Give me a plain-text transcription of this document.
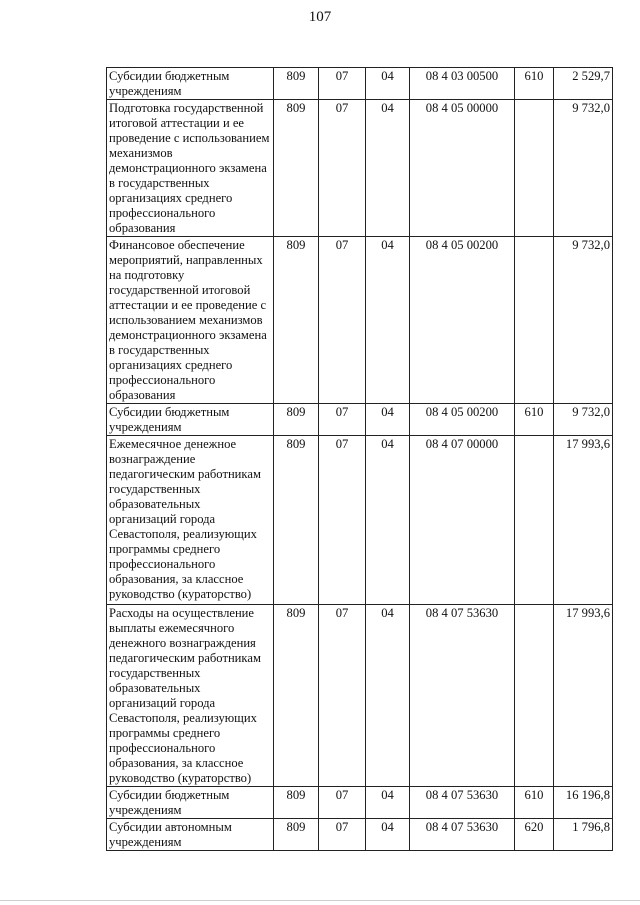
107
Субсидии бюджетным учреждениям	809	07	04	08 4 03 00500	610	2 529,7
Подготовка государственной итоговой аттестации и ее проведение с использованием механизмов демонстрационного экзамена в государственных организациях среднего профессионального образования	809	07	04	08 4 05 00000		9 732,0
Финансовое обеспечение мероприятий, направленных на подготовку государственной итоговой аттестации и ее проведение с использованием механизмов демонстрационного экзамена в государственных организациях среднего профессионального образования	809	07	04	08 4 05 00200		9 732,0
Субсидии бюджетным учреждениям	809	07	04	08 4 05 00200	610	9 732,0
Ежемесячное денежное вознаграждение педагогическим работникам государственных образовательных организаций города Севастополя, реализующих программы среднего профессионального образования, за классное руководство (кураторство)	809	07	04	08 4 07 00000		17 993,6
Расходы на осуществление выплаты ежемесячного денежного вознаграждения педагогическим работникам государственных образовательных организаций города Севастополя, реализующих программы среднего профессионального образования, за классное руководство (кураторство)	809	07	04	08 4 07 53630		17 993,6
Субсидии бюджетным учреждениям	809	07	04	08 4 07 53630	610	16 196,8
Субсидии автономным учреждениям	809	07	04	08 4 07 53630	620	1 796,8
